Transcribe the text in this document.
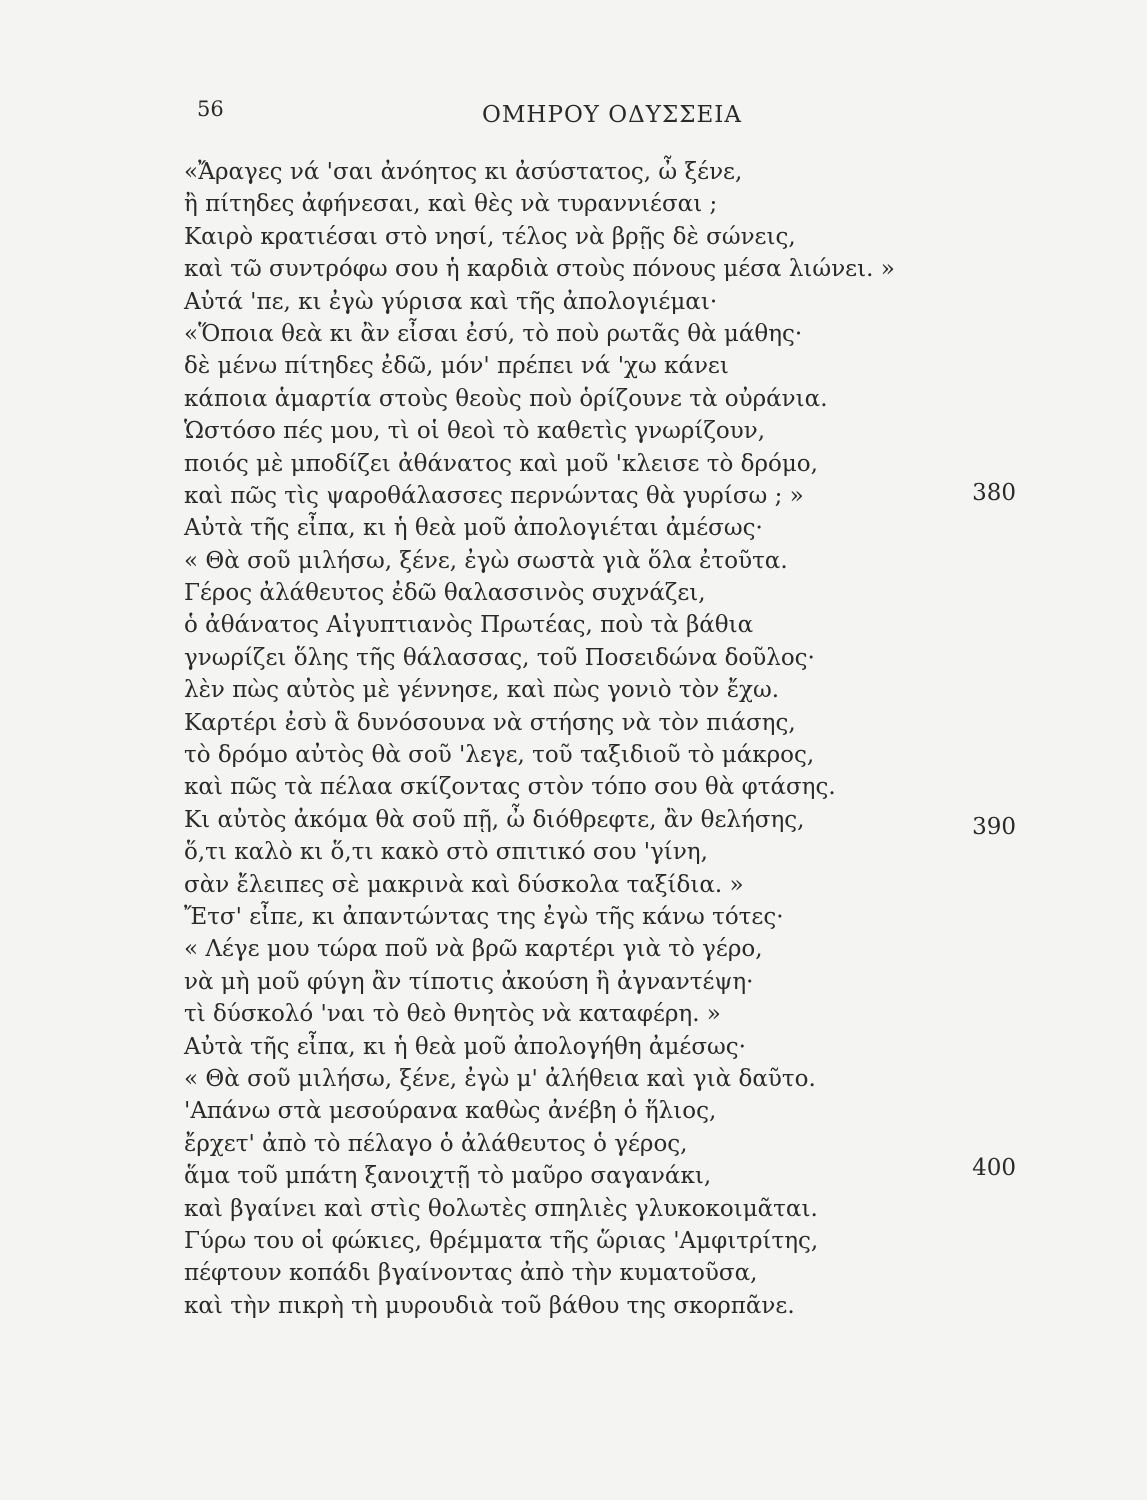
56	ΟΜΗΡΟΥ ΟΔΥΣΣΕΙΑ
«Ἄραγες νά 'σαι ἀνόητος κι ἀσύστατος, ὦ ξένε,
ἢ πίτηδες ἀφήνεσαι, καὶ θὲς νὰ τυραννιέσαι ;
Καιρὸ κρατιέσαι στὸ νησί, τέλος νὰ βρῇς δὲ σώνεις,
καὶ τῶ συντρόφω σου ἡ καρδιὰ στοὺς πόνους μέσα λιώνει. »
Αὐτά 'πε, κι ἐγὼ γύρισα καὶ τῆς ἀπολογιέμαι·
«Ὅποια θεὰ κι ἂν εἶσαι ἐσύ, τὸ ποὺ ρωτᾶς θὰ μάθης·
δὲ μένω πίτηδες ἐδῶ, μόν' πρέπει νά 'χω κάνει
κάποια ἁμαρτία στοὺς θεοὺς ποὺ ὁρίζουνε τὰ οὐράνια.
Ὡστόσο πές μου, τὶ οἱ θεοὶ τὸ καθετὶς γνωρίζουν,
ποιός μὲ μποδίζει ἀθάνατος καὶ μοῦ 'κλεισε τὸ δρόμο,
καὶ πῶς τὶς ψαροθάλασσες περνώντας θὰ γυρίσω ; »
Αὐτὰ τῆς εἶπα, κι ἡ θεὰ μοῦ ἀπολογιέται ἀμέσως·
« Θὰ σοῦ μιλήσω, ξένε, ἐγὼ σωστὰ γιὰ ὅλα ἐτοῦτα.
Γέρος ἀλάθευτος ἐδῶ θαλασσινὸς συχνάζει,
ὁ ἀθάνατος Αἰγυπτιανὸς Πρωτέας, ποὺ τὰ βάθια
γνωρίζει ὅλης τῆς θάλασσας, τοῦ Ποσειδώνα δοῦλος·
λὲν πὼς αὐτὸς μὲ γέννησε, καὶ πὼς γονιὸ τὸν ἔχω.
Καρτέρι ἐσὺ ἃ δυνόσουνα νὰ στήσης νὰ τὸν πιάσης,
τὸ δρόμο αὐτὸς θὰ σοῦ 'λεγε, τοῦ ταξιδιοῦ τὸ μάκρος,
καὶ πῶς τὰ πέλαα σκίζοντας στὸν τόπο σου θὰ φτάσης.
Κι αὐτὸς ἀκόμα θὰ σοῦ πῇ, ὦ διόθρεφτε, ἂν θελήσης,
ὅ,τι καλὸ κι ὅ,τι κακὸ στὸ σπιτικό σου 'γίνη,
σὰν ἔλειπες σὲ μακρινὰ καὶ δύσκολα ταξίδια. »
Ἔτσ' εἶπε, κι ἀπαντώντας της ἐγὼ τῆς κάνω τότες·
« Λέγε μου τώρα ποῦ νὰ βρῶ καρτέρι γιὰ τὸ γέρο,
νὰ μὴ μοῦ φύγη ἂν τίποτις ἀκούση ἢ ἀγναντέψη·
τὶ δύσκολό 'ναι τὸ θεὸ θνητὸς νὰ καταφέρη. »
Αὐτὰ τῆς εἶπα, κι ἡ θεὰ μοῦ ἀπολογήθη ἀμέσως·
« Θὰ σοῦ μιλήσω, ξένε, ἐγὼ μ' ἀλήθεια καὶ γιὰ δαῦτο.
'Απάνω στὰ μεσούρανα καθὼς ἀνέβη ὁ ἥλιος,
ἔρχετ' ἀπὸ τὸ πέλαγο ὁ ἀλάθευτος ὁ γέρος,
ἅμα τοῦ μπάτη ξανοιχτῇ τὸ μαῦρο σαγανάκι,
καὶ βγαίνει καὶ στὶς θολωτὲς σπηλιὲς γλυκοκοιμᾶται.
Γύρω του οἱ φώκιες, θρέμματα τῆς ὥριας 'Αμφιτρίτης,
πέφτουν κοπάδι βγαίνοντας ἀπὸ τὴν κυματοῦσα,
καὶ τὴν πικρὴ τὴ μυρουδιὰ τοῦ βάθου της σκορπᾶνε.
380
390
400
